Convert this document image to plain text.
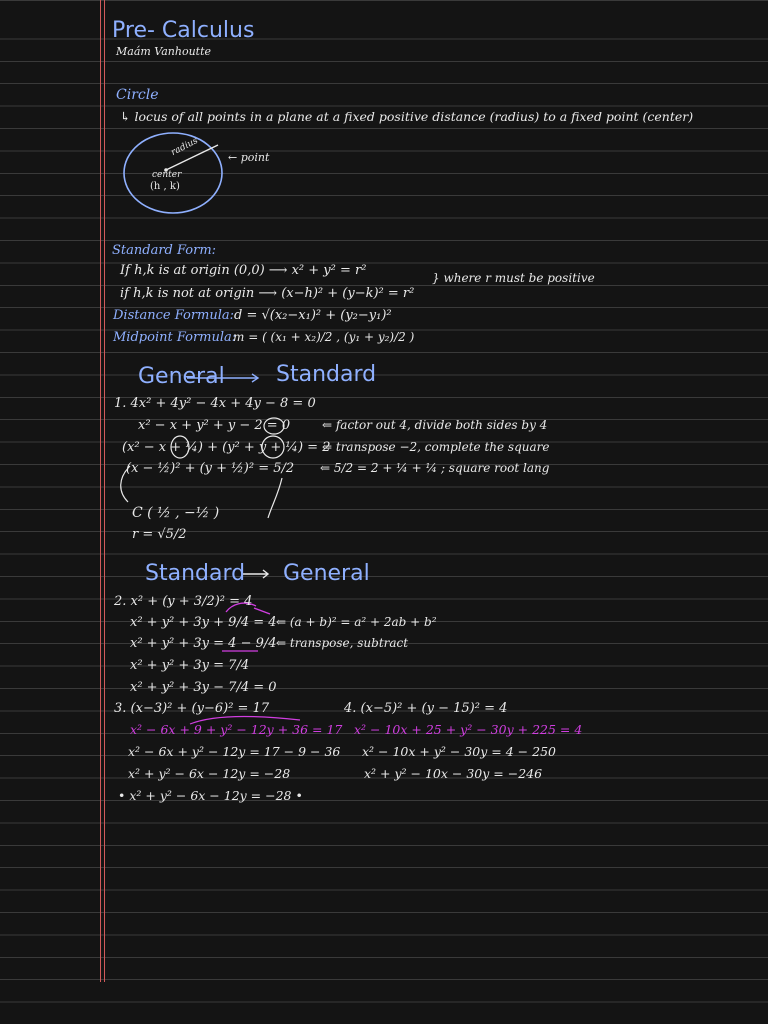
Pre- Calculus
Maám Vanhoutte
Circle
↳ locus of all points in a plane at a fixed positive distance (radius) to a fixed point (center)
radius	← point
center
(h , k)
Standard Form:
If h,k is at origin (0,0) ⟶ x² + y² = r²
if h,k is not at origin ⟶ (x−h)² + (y−k)² = r²
} where r must be positive
Distance Formula: d = √(x₂−x₁)² + (y₂−y₁)²
Midpoint Formula:
m = ( (x₁ + x₂)/2 , (y₁ + y₂)/2 )
General Standard
1. 4x² + 4y² − 4x + 4y − 8 = 0
x² − x + y² + y − 2 = 0
(x² − x + ¼) + (y² + y + ¼) = 2
(x − ½)² + (y + ½)² = 5/2
C ( ½ , −½ )
r = √5/2
⇐ factor out 4, divide both sides by 4
⇐ transpose −2, complete the square
⇐ 5/2 = 2 + ¼ + ¼ ; square root lang
Standard General
2. x² + (y + 3/2)² = 4
x² + y² + 3y + 9/4 = 4
x² + y² + 3y = 4 − 9/4
x² + y² + 3y = 7/4
x² + y² + 3y − 7/4 = 0
⇐ (a + b)² = a² + 2ab + b²
⇐ transpose, subtract
3. (x−3)² + (y−6)² = 17
x² − 6x + 9 + y² − 12y + 36 = 17
x² − 6x + y² − 12y = 17 − 9 − 36
x² + y² − 6x − 12y = −28
• x² + y² − 6x − 12y = −28 •
4. (x−5)² + (y − 15)² = 4
x² − 10x + 25 + y² − 30y + 225 = 4
x² − 10x + y² − 30y = 4 − 250
x² + y² − 10x − 30y = −246
